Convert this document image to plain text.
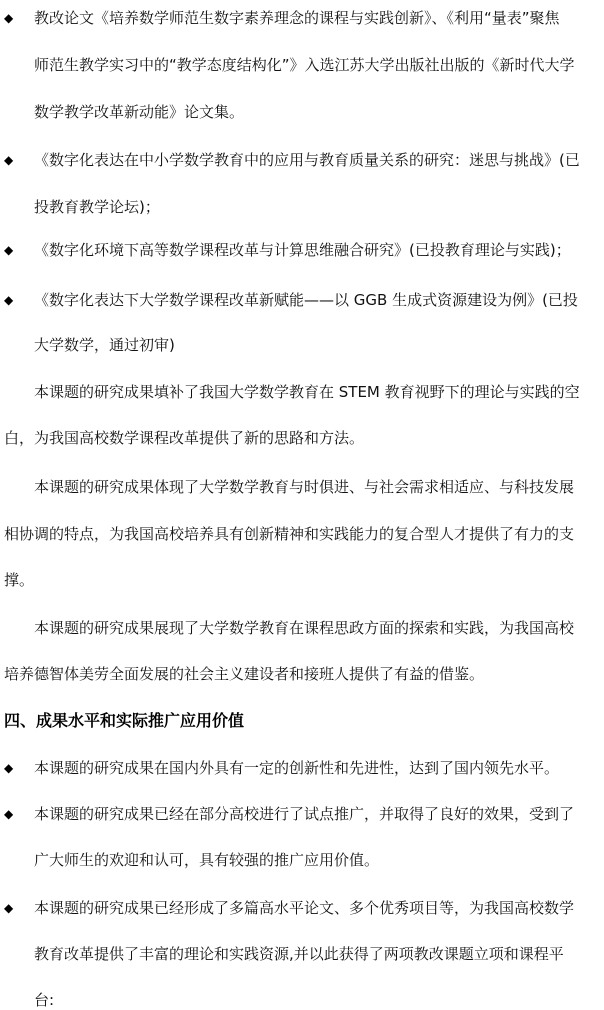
◆ 教改论文《培养数学师范生数字素养理念的课程与实践创新》、《利用“量表”聚焦
师范生教学实习中的“教学态度结构化”》入选江苏大学出版社出版的《新时代大学
数学教学改革新动能》论文集。
◆ 《数字化表达在中小学数学教育中的应用与教育质量关系的研究：迷思与挑战》(已
投教育教学论坛)；
◆ 《数字化环境下高等数学课程改革与计算思维融合研究》(已投教育理论与实践)；
◆ 《数字化表达下大学数学课程改革新赋能——以 GGB 生成式资源建设为例》(已投
大学数学，通过初审)
本课题的研究成果填补了我国大学数学教育在 STEM 教育视野下的理论与实践的空
白，为我国高校数学课程改革提供了新的思路和方法。
本课题的研究成果体现了大学数学教育与时俱进、与社会需求相适应、与科技发展
相协调的特点，为我国高校培养具有创新精神和实践能力的复合型人才提供了有力的支
撑。
本课题的研究成果展现了大学数学教育在课程思政方面的探索和实践，为我国高校
培养德智体美劳全面发展的社会主义建设者和接班人提供了有益的借鉴。
四、成果水平和实际推广应用价值
◆ 本课题的研究成果在国内外具有一定的创新性和先进性，达到了国内领先水平。
◆ 本课题的研究成果已经在部分高校进行了试点推广，并取得了良好的效果，受到了
广大师生的欢迎和认可，具有较强的推广应用价值。
◆ 本课题的研究成果已经形成了多篇高水平论文、多个优秀项目等，为我国高校数学
教育改革提供了丰富的理论和实践资源,并以此获得了两项教改课题立项和课程平
台:
